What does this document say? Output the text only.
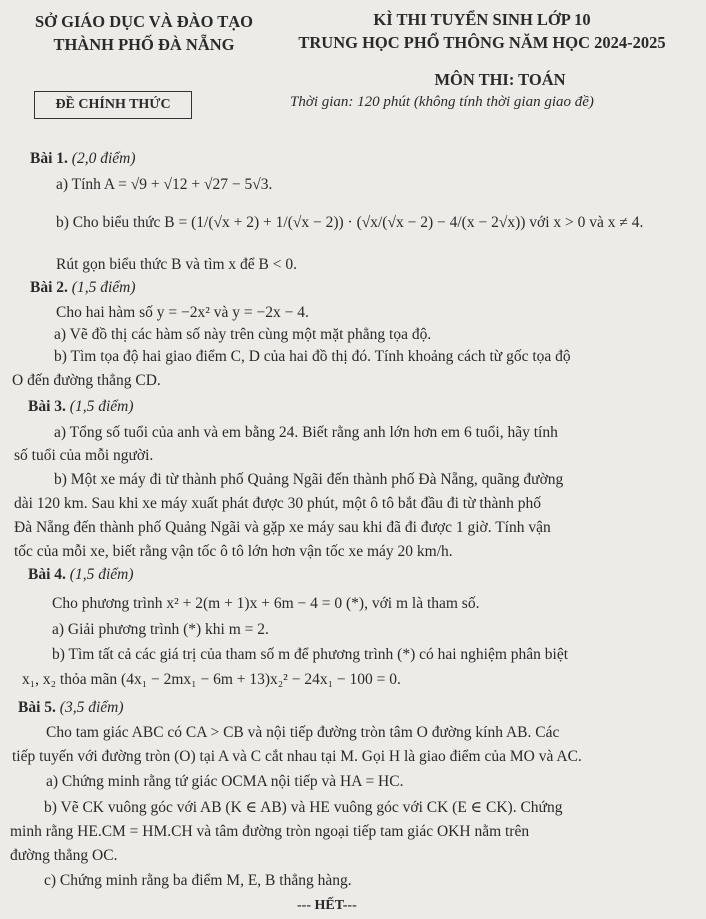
SỞ GIÁO DỤC VÀ ĐÀO TẠO
THÀNH PHỐ ĐÀ NẴNG
KÌ THI TUYỂN SINH LỚP 10
TRUNG HỌC PHỔ THÔNG NĂM HỌC 2024-2025
MÔN THI: TOÁN
ĐỀ CHÍNH THỨC	Thời gian: 120 phút (không tính thời gian giao đề)
Bài 1. (2,0 điểm)
a) Tính A = √9 + √12 + √27 − 5√3.
b) Cho biểu thức B = (1/(√x + 2) + 1/(√x − 2)) · (√x/(√x − 2) − 4/(x − 2√x)) với x > 0 và x ≠ 4.
Rút gọn biểu thức B và tìm x để B < 0.
Bài 2. (1,5 điểm)
Cho hai hàm số y = −2x² và y = −2x − 4.
a) Vẽ đồ thị các hàm số này trên cùng một mặt phẳng tọa độ.
b) Tìm tọa độ hai giao điểm C, D của hai đồ thị đó. Tính khoảng cách từ gốc tọa độ
O đến đường thẳng CD.
Bài 3. (1,5 điểm)
a) Tổng số tuổi của anh và em bằng 24. Biết rằng anh lớn hơn em 6 tuổi, hãy tính
số tuổi của mỗi người.
b) Một xe máy đi từ thành phố Quảng Ngãi đến thành phố Đà Nẵng, quãng đường
dài 120 km. Sau khi xe máy xuất phát được 30 phút, một ô tô bắt đầu đi từ thành phố
Đà Nẵng đến thành phố Quảng Ngãi và gặp xe máy sau khi đã đi được 1 giờ. Tính vận
tốc của mỗi xe, biết rằng vận tốc ô tô lớn hơn vận tốc xe máy 20 km/h.
Bài 4. (1,5 điểm)
Cho phương trình x² + 2(m + 1)x + 6m − 4 = 0 (*), với m là tham số.
a) Giải phương trình (*) khi m = 2.
b) Tìm tất cả các giá trị của tham số m để phương trình (*) có hai nghiệm phân biệt
x₁, x₂ thỏa mãn (4x₁ − 2mx₁ − 6m + 13)x₂² − 24x₁ − 100 = 0.
Bài 5. (3,5 điểm)
Cho tam giác ABC có CA > CB và nội tiếp đường tròn tâm O đường kính AB. Các
tiếp tuyến với đường tròn (O) tại A và C cắt nhau tại M. Gọi H là giao điểm của MO và AC.
a) Chứng minh rằng tứ giác OCMA nội tiếp và HA = HC.
b) Vẽ CK vuông góc với AB (K ∈ AB) và HE vuông góc với CK (E ∈ CK). Chứng
minh rằng HE.CM = HM.CH và tâm đường tròn ngoại tiếp tam giác OKH nằm trên
đường thẳng OC.
c) Chứng minh rằng ba điểm M, E, B thẳng hàng.
--- HẾT---
